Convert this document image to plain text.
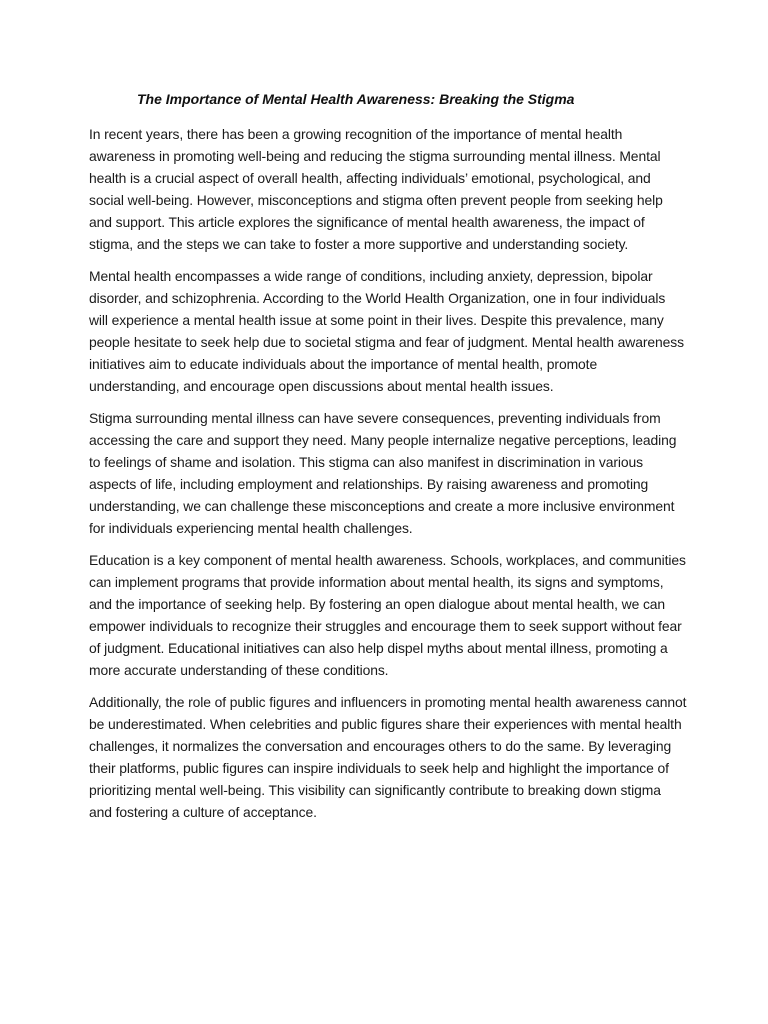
The Importance of Mental Health Awareness: Breaking the Stigma

In recent years, there has been a growing recognition of the importance of mental health awareness in promoting well-being and reducing the stigma surrounding mental illness. Mental health is a crucial aspect of overall health, affecting individuals’ emotional, psychological, and social well-being. However, misconceptions and stigma often prevent people from seeking help and support. This article explores the significance of mental health awareness, the impact of stigma, and the steps we can take to foster a more supportive and understanding society.

Mental health encompasses a wide range of conditions, including anxiety, depression, bipolar disorder, and schizophrenia. According to the World Health Organization, one in four individuals will experience a mental health issue at some point in their lives. Despite this prevalence, many people hesitate to seek help due to societal stigma and fear of judgment. Mental health awareness initiatives aim to educate individuals about the importance of mental health, promote understanding, and encourage open discussions about mental health issues.

Stigma surrounding mental illness can have severe consequences, preventing individuals from accessing the care and support they need. Many people internalize negative perceptions, leading to feelings of shame and isolation. This stigma can also manifest in discrimination in various aspects of life, including employment and relationships. By raising awareness and promoting understanding, we can challenge these misconceptions and create a more inclusive environment for individuals experiencing mental health challenges.

Education is a key component of mental health awareness. Schools, workplaces, and communities can implement programs that provide information about mental health, its signs and symptoms, and the importance of seeking help. By fostering an open dialogue about mental health, we can empower individuals to recognize their struggles and encourage them to seek support without fear of judgment. Educational initiatives can also help dispel myths about mental illness, promoting a more accurate understanding of these conditions.

Additionally, the role of public figures and influencers in promoting mental health awareness cannot be underestimated. When celebrities and public figures share their experiences with mental health challenges, it normalizes the conversation and encourages others to do the same. By leveraging their platforms, public figures can inspire individuals to seek help and highlight the importance of prioritizing mental well-being. This visibility can significantly contribute to breaking down stigma and fostering a culture of acceptance.
